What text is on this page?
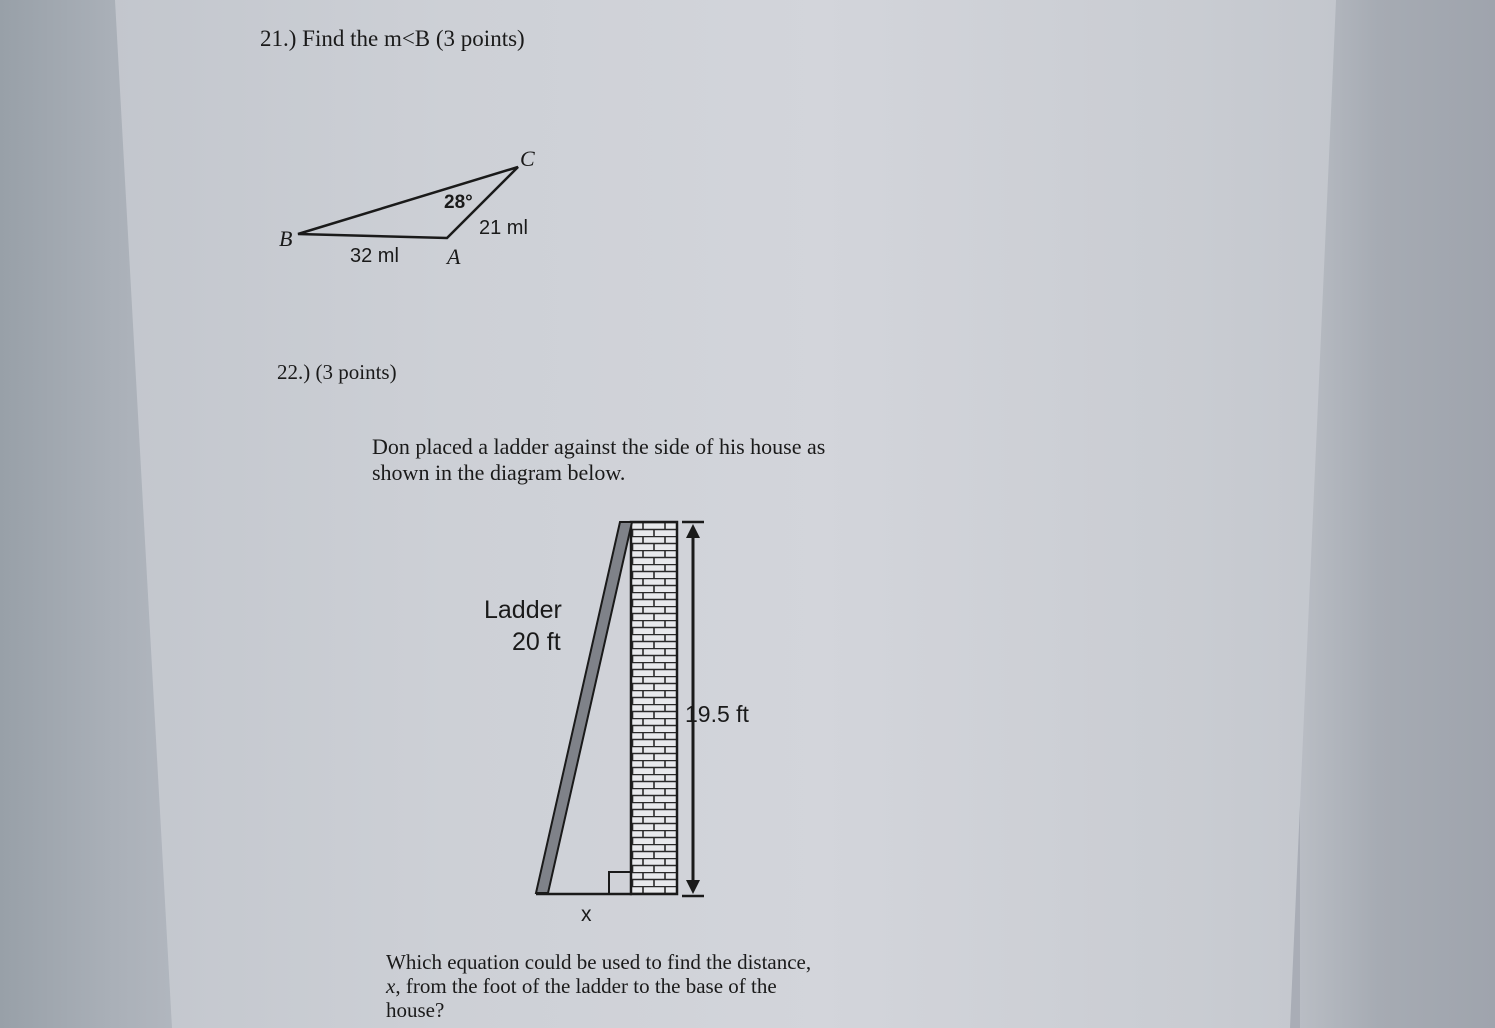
21.) Find the m<B (3 points)
C
B
A
28°
21 ml
32 ml
22.) (3 points)
Don placed a ladder against the side of his house as
shown in the diagram below.
Ladder
20 ft
19.5 ft
x
Which equation could be used to find the distance,
x, from the foot of the ladder to the base of the
house?
